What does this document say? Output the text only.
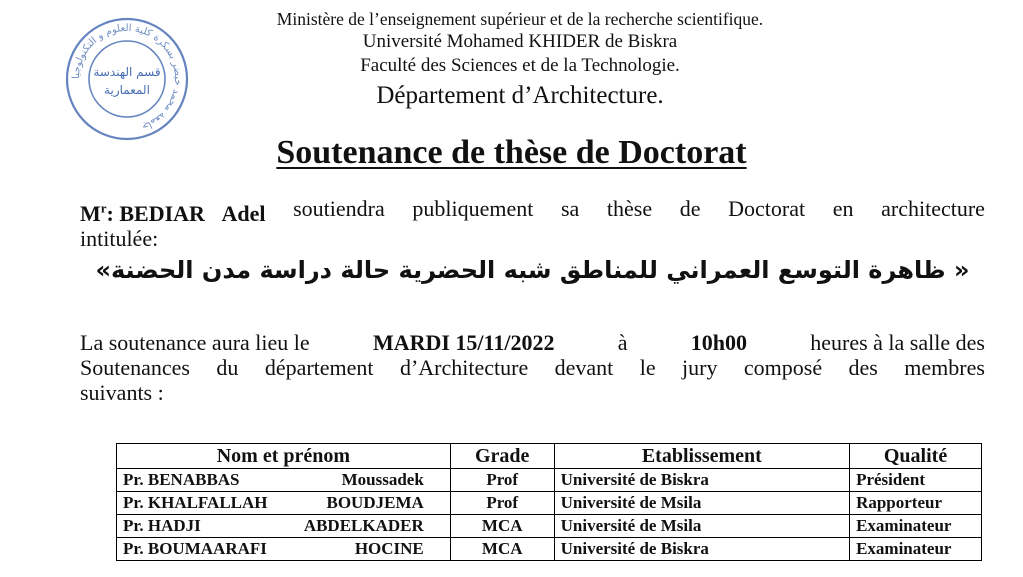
جامعة محمد خيضر بسكرة كلية العلوم و التكنولوجيا
قسم الهندسة
المعمارية
Ministère de l’enseignement supérieur et de la recherche scientifique.
Université Mohamed KHIDER de Biskra
Faculté des Sciences et de la Technologie.
Département d’Architecture.
Soutenance de thèse de Doctorat
$M^r$: BEDIAR Adel soutiendra publiquement sa thèse de Doctorat en architecture
intitulée:
« ظاهرة التوسع العمراني للمناطق شبه الحضرية حالة دراسة مدن الحضنة»
La soutenance aura lieu le	MARDI 15/11/2022	à	10h00	heures à la salle des
Soutenances du département d’Architecture devant le jury composé des membres
suivants :
Nom et prénom	Grade	Etablissement	Qualité

Pr. BENABBAS Moussadek	Prof	Université de Biskra	Président

Pr. KHALFALLAH BOUDJEMA	Prof	Université de Msila	Rapporteur

Pr. HADJI ABDELKADER	MCA	Université de Msila	Examinateur

Pr. BOUMAARAFI HOCINE	MCA	Université de Biskra	Examinateur
